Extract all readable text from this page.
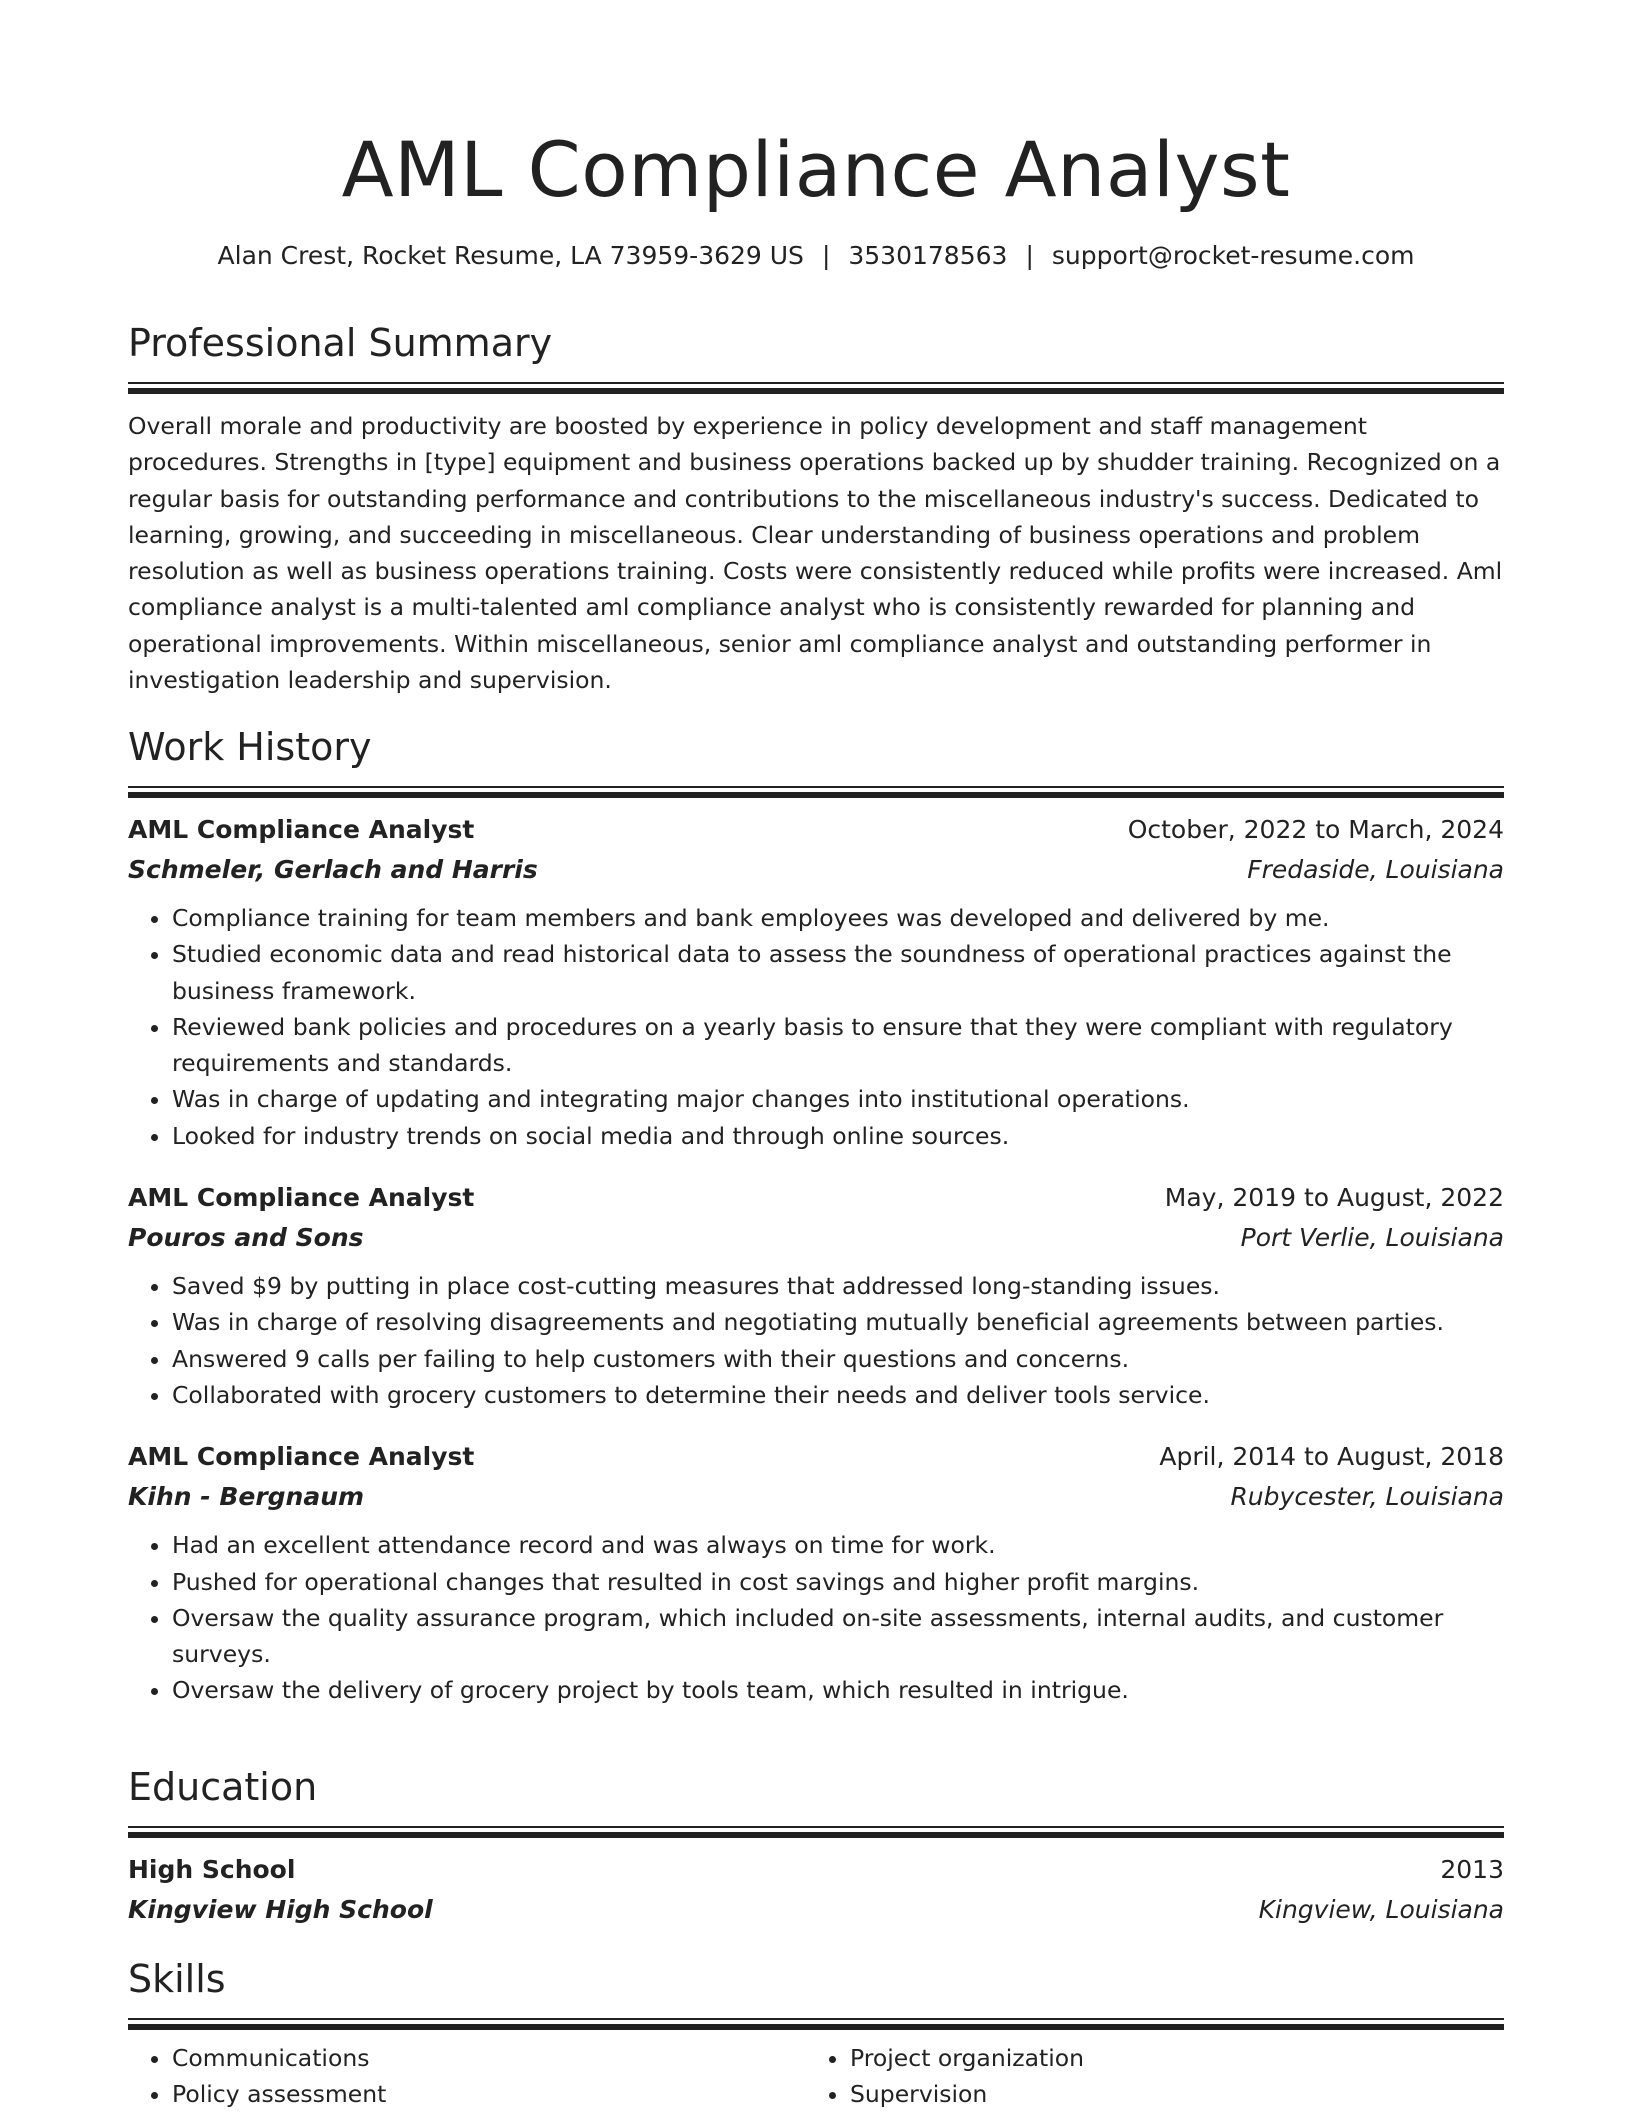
AML Compliance Analyst
Alan Crest, Rocket Resume, LA 73959-3629 US | 3530178563 | support@rocket-resume.com
Professional Summary

Overall morale and productivity are boosted by experience in policy development and staff management procedures. Strengths in [type] equipment and business operations backed up by shudder training. Recognized on a regular basis for outstanding performance and contributions to the miscellaneous industry's success. Dedicated to learning, growing, and succeeding in miscellaneous. Clear understanding of business operations and problem resolution as well as business operations training. Costs were consistently reduced while profits were increased. Aml compliance analyst is a multi-talented aml compliance analyst who is consistently rewarded for planning and operational improvements. Within miscellaneous, senior aml compliance analyst and outstanding performer in investigation leadership and supervision.

Work History
AML Compliance Analyst	October, 2022 to March, 2024
Schmeler, Gerlach and Harris	Fredaside, Louisiana
• Compliance training for team members and bank employees was developed and delivered by me.
• Studied economic data and read historical data to assess the soundness of operational practices against the business framework.
• Reviewed bank policies and procedures on a yearly basis to ensure that they were compliant with regulatory requirements and standards.
• Was in charge of updating and integrating major changes into institutional operations.
• Looked for industry trends on social media and through online sources.
AML Compliance Analyst	May, 2019 to August, 2022
Pouros and Sons	Port Verlie, Louisiana
• Saved $9 by putting in place cost-cutting measures that addressed long-standing issues.
• Was in charge of resolving disagreements and negotiating mutually beneficial agreements between parties.
• Answered 9 calls per failing to help customers with their questions and concerns.
• Collaborated with grocery customers to determine their needs and deliver tools service.
AML Compliance Analyst	April, 2014 to August, 2018
Kihn - Bergnaum	Rubycester, Louisiana
• Had an excellent attendance record and was always on time for work.
• Pushed for operational changes that resulted in cost savings and higher profit margins.
• Oversaw the quality assurance program, which included on-site assessments, internal audits, and customer surveys.
• Oversaw the delivery of grocery project by tools team, which resulted in intrigue.
Education
High School	2013
Kingview High School	Kingview, Louisiana
Skills
• Communications
• Policy assessment
• Project organization
• Supervision
